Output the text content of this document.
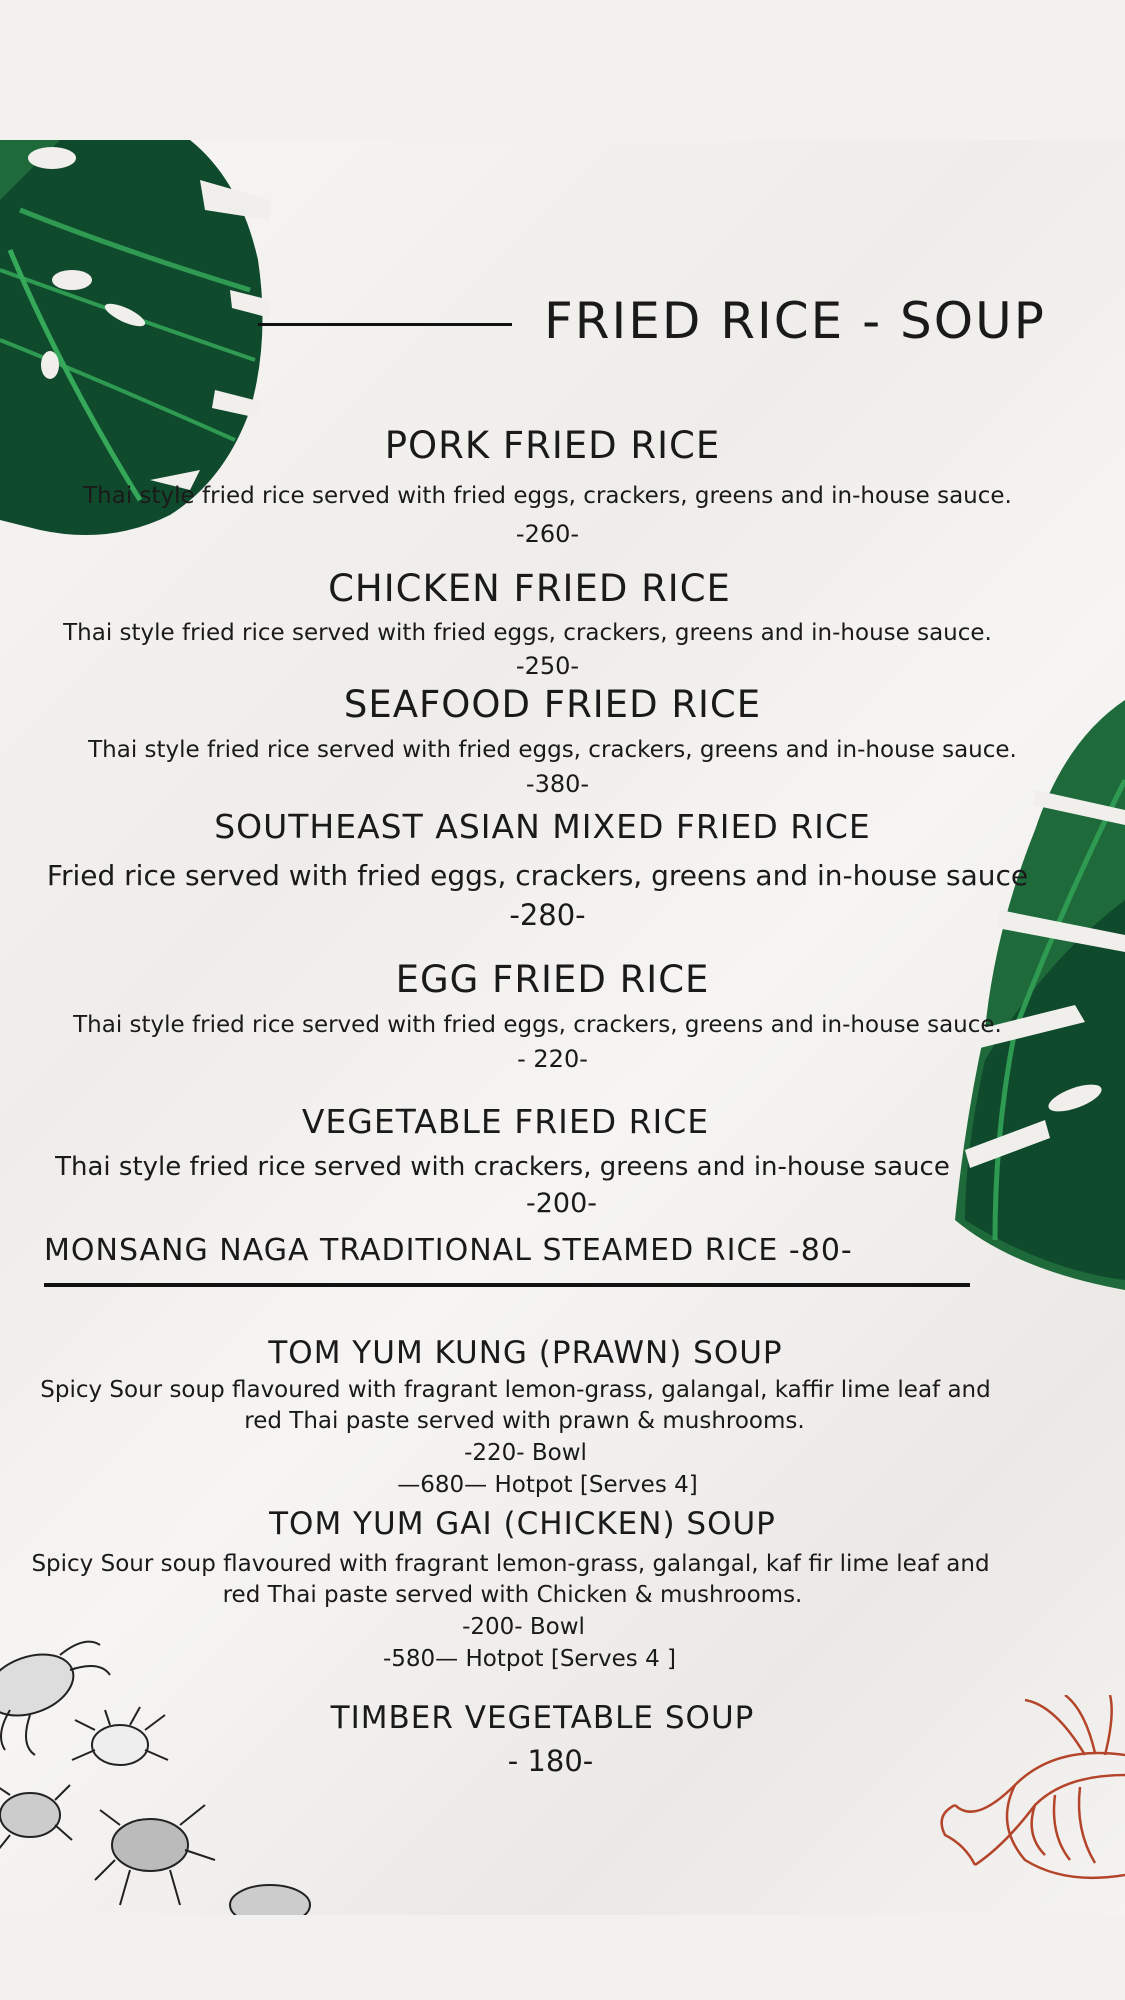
FRIED RICE - SOUP
PORK FRIED RICE
Thai style fried rice served with fried eggs, crackers, greens and in-house sauce.
-260-
CHICKEN FRIED RICE
Thai style fried rice served with fried eggs, crackers, greens and in-house sauce.
-250-
SEAFOOD FRIED RICE
Thai style fried rice served with fried eggs, crackers, greens and in-house sauce.
-380-
SOUTHEAST ASIAN MIXED FRIED RICE
Fried rice served with fried eggs, crackers, greens and in-house sauce
-280-
EGG FRIED RICE
Thai style fried rice served with fried eggs, crackers, greens and in-house sauce.
- 220-
VEGETABLE FRIED RICE
Thai style fried rice served with crackers, greens and in-house sauce
-200-
MONSANG NAGA TRADITIONAL STEAMED RICE -80-
TOM YUM KUNG (PRAWN) SOUP
Spicy Sour soup flavoured with fragrant lemon-grass, galangal, kaffir lime leaf and
red Thai paste served with prawn & mushrooms.
-220- Bowl
—680— Hotpot [Serves 4]
TOM YUM GAI (CHICKEN) SOUP
Spicy Sour soup flavoured with fragrant lemon-grass, galangal, kaf fir lime leaf and
red Thai paste served with Chicken & mushrooms.
-200- Bowl
-580— Hotpot [Serves 4 ]
TIMBER VEGETABLE SOUP
- 180-
